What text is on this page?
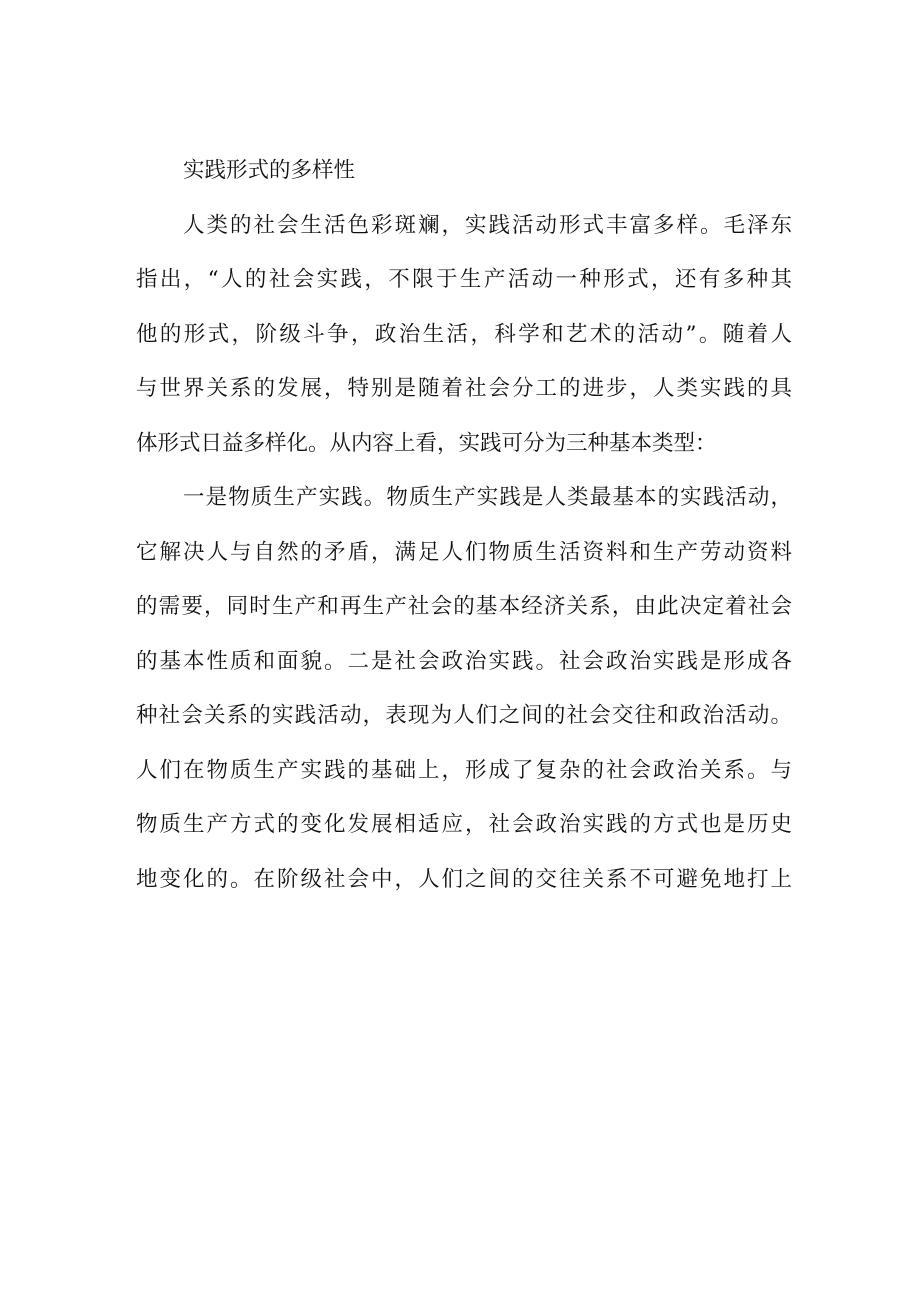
实践形式的多样性
人类的社会生活色彩斑斓，实践活动形式丰富多样。毛泽东
指出，“人的社会实践，不限于生产活动一种形式，还有多种其
他的形式，阶级斗争，政治生活，科学和艺术的活动”。随着人
与世界关系的发展，特别是随着社会分工的进步，人类实践的具
体形式日益多样化。从内容上看，实践可分为三种基本类型：
一是物质生产实践。物质生产实践是人类最基本的实践活动，
它解决人与自然的矛盾，满足人们物质生活资料和生产劳动资料
的需要，同时生产和再生产社会的基本经济关系，由此决定着社会
的基本性质和面貌。二是社会政治实践。社会政治实践是形成各
种社会关系的实践活动，表现为人们之间的社会交往和政治活动。
人们在物质生产实践的基础上，形成了复杂的社会政治关系。与
物质生产方式的变化发展相适应，社会政治实践的方式也是历史
地变化的。在阶级社会中，人们之间的交往关系不可避免地打上
